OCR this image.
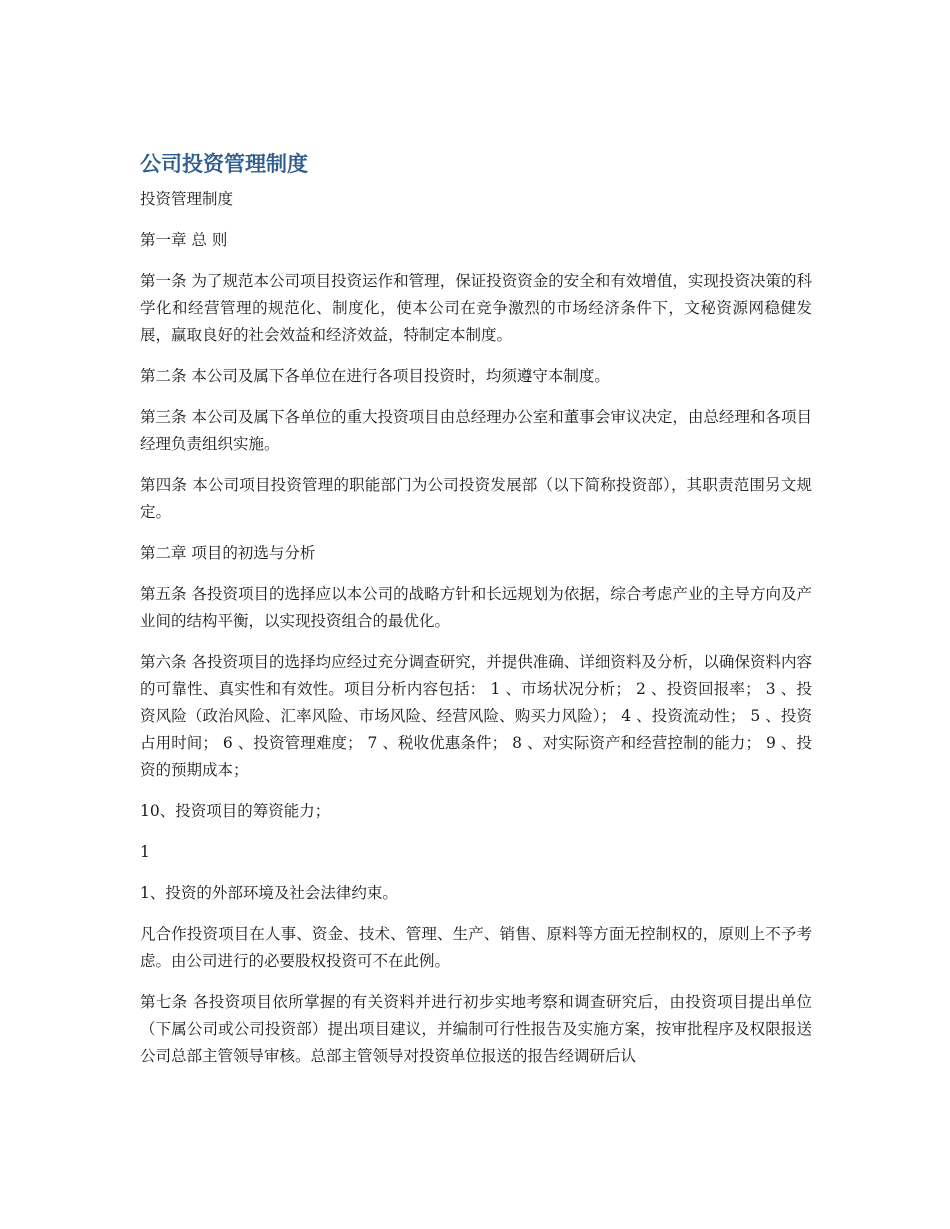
公司投资管理制度

投资管理制度

第一章 总 则

第一条 为了规范本公司项目投资运作和管理，保证投资资金的安全和有效增值，实现投资决策的科学化和经营管理的规范化、制度化，使本公司在竞争激烈的市场经济条件下，文秘资源网稳健发展，赢取良好的社会效益和经济效益，特制定本制度。

第二条 本公司及属下各单位在进行各项目投资时，均须遵守本制度。

第三条 本公司及属下各单位的重大投资项目由总经理办公室和董事会审议决定，由总经理和各项目经理负责组织实施。

第四条 本公司项目投资管理的职能部门为公司投资发展部（以下简称投资部），其职责范围另文规定。

第二章 项目的初选与分析

第五条 各投资项目的选择应以本公司的战略方针和长远规划为依据，综合考虑产业的主导方向及产业间的结构平衡，以实现投资组合的最优化。

第六条 各投资项目的选择均应经过充分调查研究，并提供准确、详细资料及分析，以确保资料内容的可靠性、真实性和有效性。项目分析内容包括： 1 、市场状况分析； 2 、投资回报率； 3 、投资风险（政治风险、汇率风险、市场风险、经营风险、购买力风险）； 4 、投资流动性； 5 、投资占用时间； 6 、投资管理难度； 7 、税收优惠条件； 8 、对实际资产和经营控制的能力； 9 、投资的预期成本；

10、投资项目的筹资能力；

1

1、投资的外部环境及社会法律约束。

凡合作投资项目在人事、资金、技术、管理、生产、销售、原料等方面无控制权的，原则上不予考虑。由公司进行的必要股权投资可不在此例。

第七条 各投资项目依所掌握的有关资料并进行初步实地考察和调查研究后，由投资项目提出单位（下属公司或公司投资部）提出项目建议，并编制可行性报告及实施方案，按审批程序及权限报送公司总部主管领导审核。总部主管领导对投资单位报送的报告经调研后认
